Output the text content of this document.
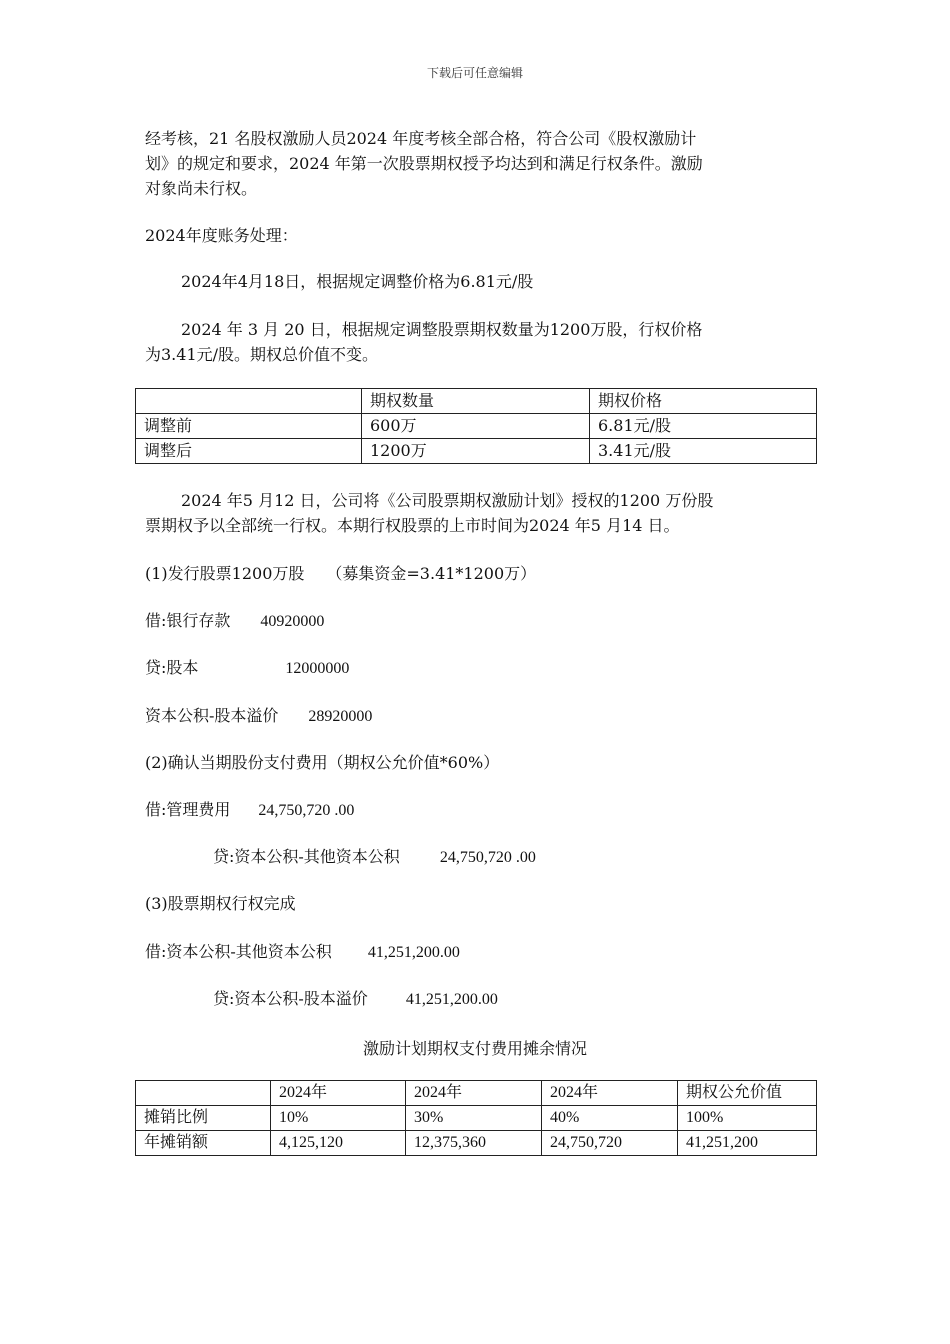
下载后可任意编辑
经考核，21 名股权激励人员2024 年度考核全部合格，符合公司《股权激励计
划》的规定和要求，2024 年第一次股票期权授予均达到和满足行权条件。激励
对象尚未行权。
2024年度账务处理：
2024年4月18日，根据规定调整价格为6.81元/股
2024 年 3 月 20 日，根据规定调整股票期权数量为1200万股，行权价格
为3.41元/股。期权总价值不变。
	期权数量	期权价格
调整前	600万	6.81元/股
调整后	1200万	3.41元/股
2024 年5 月12 日，公司将《公司股票期权激励计划》授权的1200 万份股
票期权予以全部统一行权。本期行权股票的上市时间为2024 年5 月14 日。
(1)发行股票1200万股 （募集资金=3.41*1200万）
借:银行存款 40920000
贷:股本	12000000
资本公积-股本溢价 28920000
(2)确认当期股份支付费用（期权公允价值*60%）
借:管理费用 24,750,720 .00
贷:资本公积-其他资本公积	24,750,720 .00
(3)股票期权行权完成
借:资本公积-其他资本公积 41,251,200.00
贷:资本公积-股本溢价 41,251,200.00
激励计划期权支付费用摊余情况
	2024年	2024年	2024年	期权公允价值
摊销比例	10%	30%	40%	100%
年摊销额	4,125,120	12,375,360	24,750,720	41,251,200
